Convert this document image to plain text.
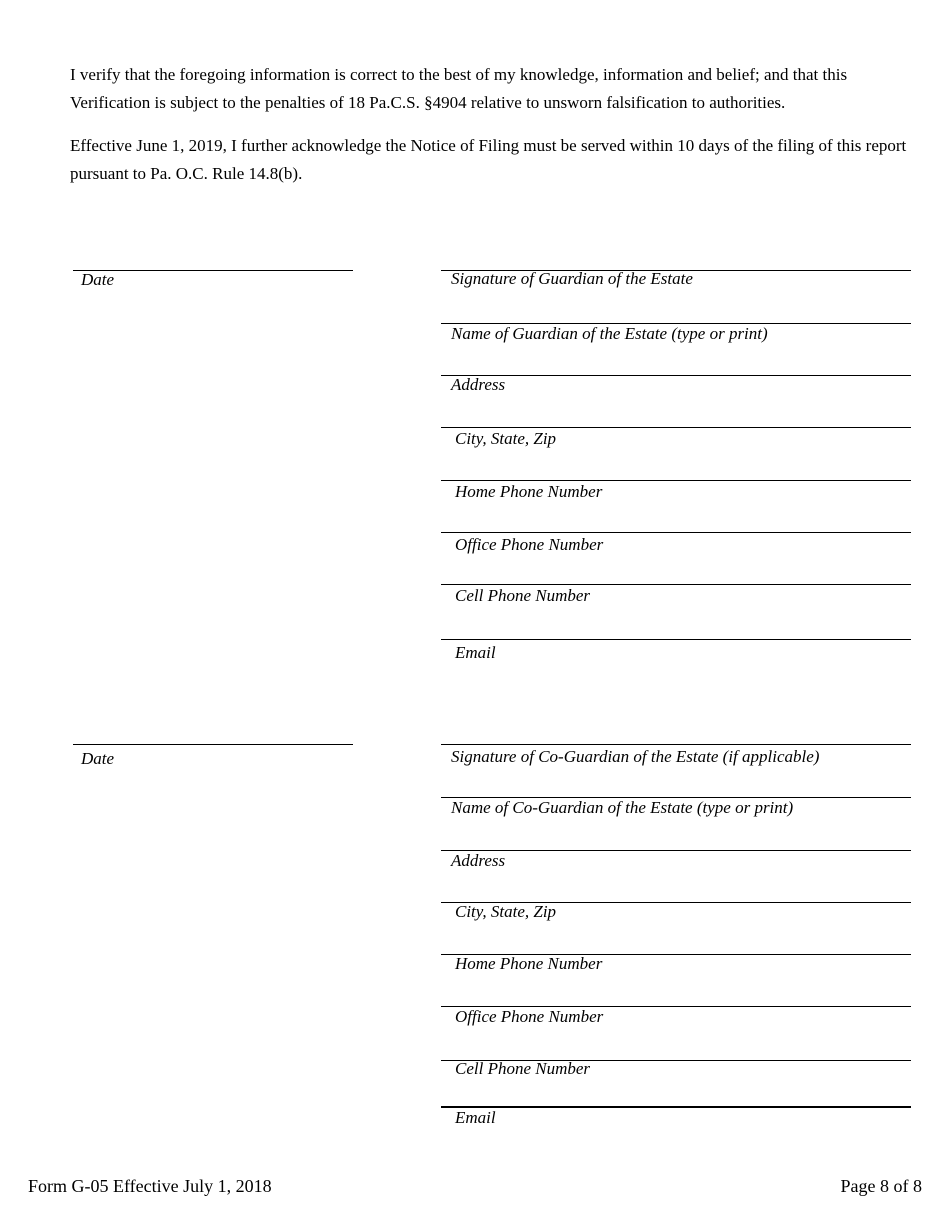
I verify that the foregoing information is correct to the best of my knowledge, information and belief; and that this Verification is subject to the penalties of 18 Pa.C.S. §4904 relative to unsworn falsification to authorities.

Effective June 1, 2019, I further acknowledge the Notice of Filing must be served within 10 days of the filing of this report pursuant to Pa. O.C. Rule 14.8(b).

Date	Signature of Guardian of the Estate
Name of Guardian of the Estate (type or print)
Address
City, State, Zip
Home Phone Number
Office Phone Number
Cell Phone Number
Email
Date	Signature of Co-Guardian of the Estate (if applicable)
Name of Co-Guardian of the Estate (type or print)
Address
City, State, Zip
Home Phone Number
Office Phone Number
Cell Phone Number
Email
Form G-05 Effective July 1, 2018	Page 8 of 8
